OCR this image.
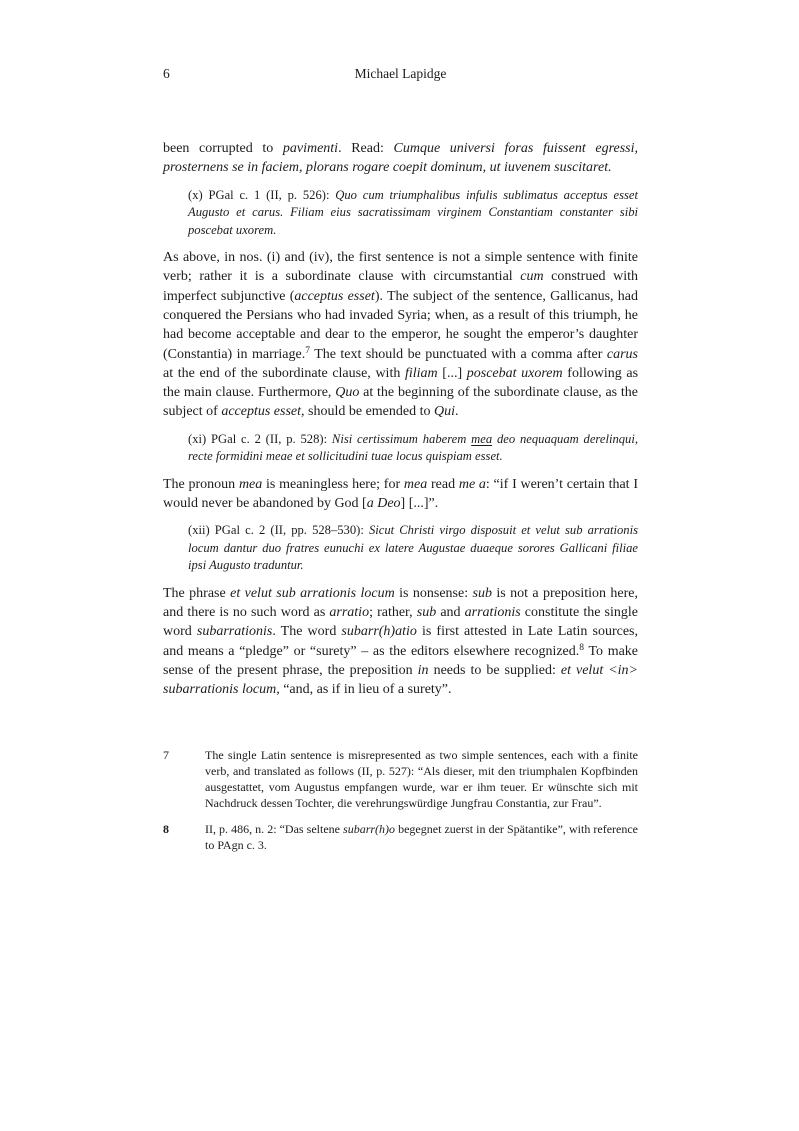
6	Michael Lapidge

been corrupted to pavimenti. Read: Cumque universi foras fuissent egressi, prosternens se in faciem, plorans rogare coepit dominum, ut iuvenem suscitaret.

(x) PGal c. 1 (II, p. 526): Quo cum triumphalibus infulis sublimatus acceptus esset Augusto et carus. Filiam eius sacratissimam virginem Constantiam constanter sibi poscebat uxorem.

As above, in nos. (i) and (iv), the first sentence is not a simple sentence with finite verb; rather it is a subordinate clause with circumstantial cum construed with imperfect subjunctive (acceptus esset). The subject of the sentence, Gallicanus, had conquered the Persians who had invaded Syria; when, as a result of this triumph, he had become acceptable and dear to the emperor, he sought the emperor’s daughter (Constantia) in marriage.$^7$ The text should be punctuated with a comma after carus at the end of the subordinate clause, with filiam [...] poscebat uxorem following as the main clause. Furthermore, Quo at the beginning of the subordinate clause, as the subject of acceptus esset, should be emended to Qui.

(xi) PGal c. 2 (II, p. 528): Nisi certissimum haberem mea deo nequaquam derelinqui, recte formidini meae et sollicitudini tuae locus quispiam esset.

The pronoun mea is meaningless here; for mea read me a: “if I weren’t certain that I would never be abandoned by God [a Deo] [...]”.

(xii) PGal c. 2 (II, pp. 528–530): Sicut Christi virgo disposuit et velut sub arrationis locum dantur duo fratres eunuchi ex latere Augustae duaeque sorores Gallicani filiae ipsi Augusto traduntur.

The phrase et velut sub arrationis locum is nonsense: sub is not a preposition here, and there is no such word as arratio; rather, sub and arrationis constitute the single word subarrationis. The word subarr(h)atio is first attested in Late Latin sources, and means a “pledge” or “surety” – as the editors elsewhere recognized.$^8$ To make sense of the present phrase, the preposition in needs to be supplied: et velut <in> subarrationis locum, “and, as if in lieu of a surety”.

7	The single Latin sentence is misrepresented as two simple sentences, each with a finite verb, and translated as follows (II, p. 527): “Als dieser, mit den triumphalen Kopfbinden ausgestattet, vom Augustus empfangen wurde, war er ihm teuer. Er wünschte sich mit Nachdruck dessen Tochter, die verehrungswürdige Jungfrau Constantia, zur Frau”.
8	II, p. 486, n. 2: “Das seltene subarr(h)o begegnet zuerst in der Spätantike”, with reference to PAgn c. 3.
